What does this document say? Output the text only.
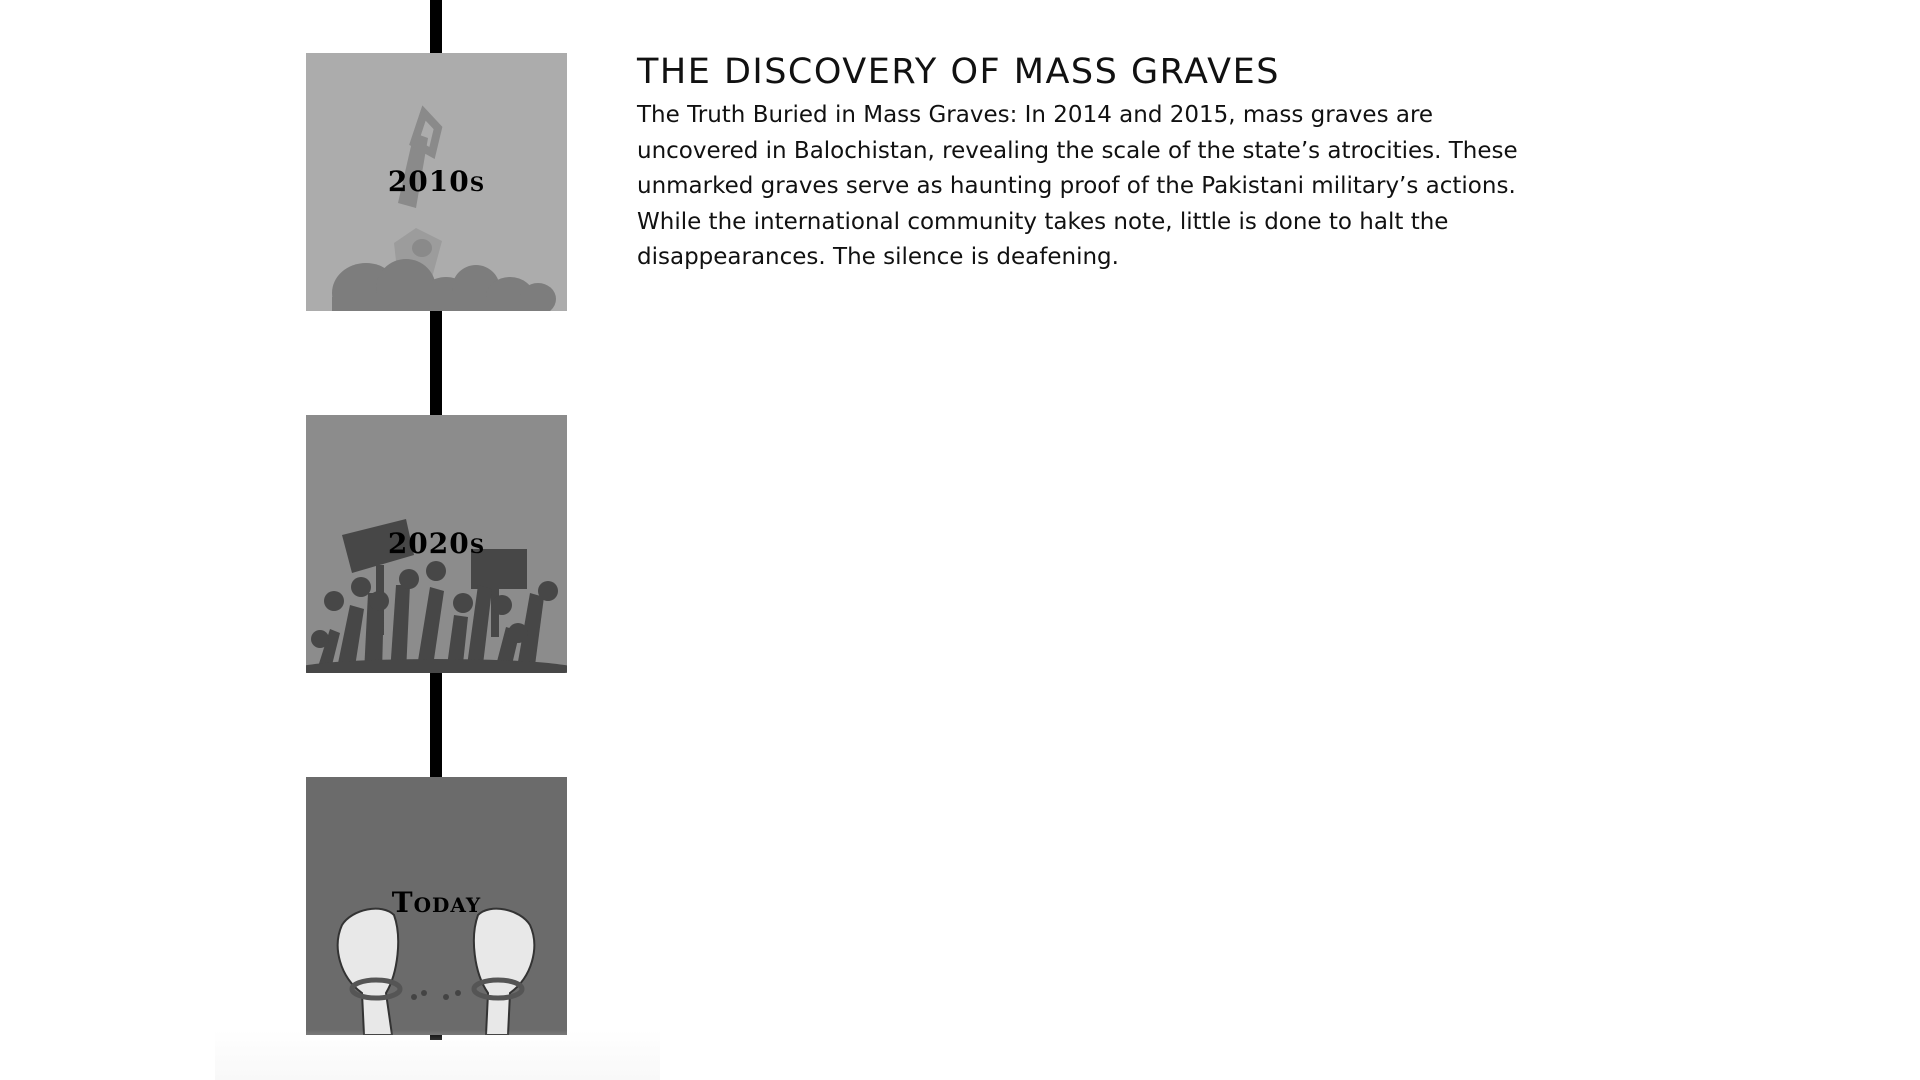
2010s
2020s
Today
THE DISCOVERY OF MASS GRAVES

The Truth Buried in Mass Graves: In 2014 and 2015, mass graves are uncovered in Balochistan, revealing the scale of the state’s atrocities. These unmarked graves serve as haunting proof of the Pakistani military’s actions. While the international community takes note, little is done to halt the disappearances. The silence is deafening.
